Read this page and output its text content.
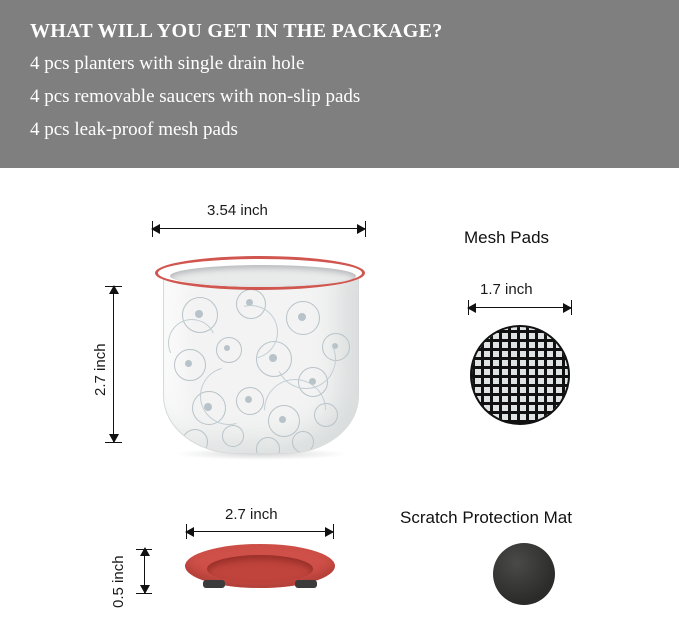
WHAT WILL YOU GET IN THE PACKAGE?
4 pcs planters with single drain hole
4 pcs removable saucers with non-slip pads
4 pcs leak-proof mesh pads
3.54 inch
2.7 inch
Mesh Pads
1.7 inch
2.7 inch
0.5 inch
Scratch Protection Mat
